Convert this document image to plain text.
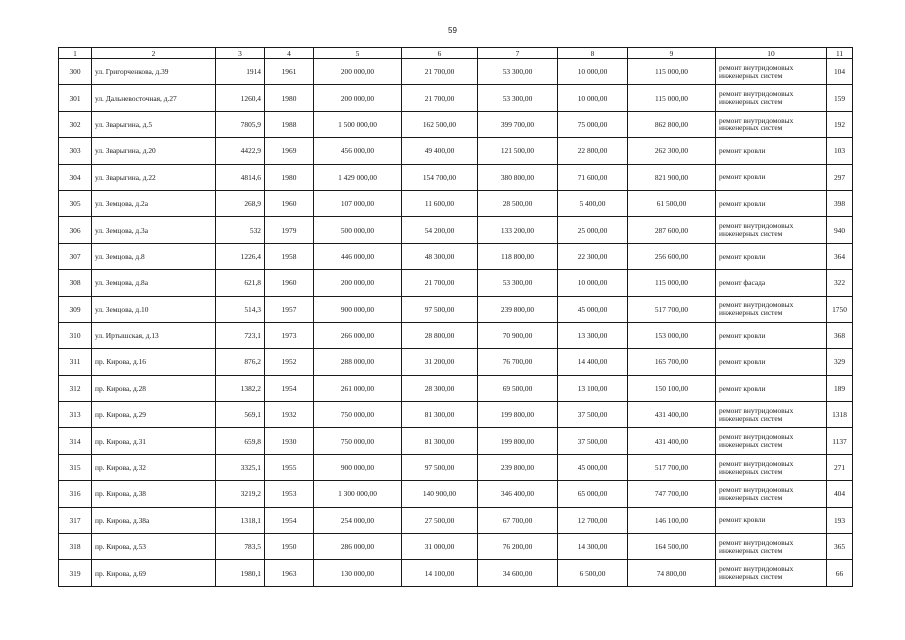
59
1	2	3	4	5	6	7	8	9	10	11
300	ул. Григорченкова, д.39	1914	1961	200 000,00	21 700,00	53 300,00	10 000,00	115 000,00	ремонт внутридомовых инженерных систем	104
301	ул. Дальневосточная, д.27	1260,4	1980	200 000,00	21 700,00	53 300,00	10 000,00	115 000,00	ремонт внутридомовых инженерных систем	159
302	ул. Зварыгина, д.5	7805,9	1988	1 500 000,00	162 500,00	399 700,00	75 000,00	862 800,00	ремонт внутридомовых инженерных систем	192
303	ул. Зварыгина, д.20	4422,9	1969	456 000,00	49 400,00	121 500,00	22 800,00	262 300,00	ремонт кровли	103
304	ул. Зварыгина, д.22	4814,6	1980	1 429 000,00	154 700,00	380 800,00	71 600,00	821 900,00	ремонт кровли	297
305	ул. Земцова, д.2а	268,9	1960	107 000,00	11 600,00	28 500,00	5 400,00	61 500,00	ремонт кровли	398
306	ул. Земцова, д.3а	532	1979	500 000,00	54 200,00	133 200,00	25 000,00	287 600,00	ремонт внутридомовых инженерных систем	940
307	ул. Земцова, д.8	1226,4	1958	446 000,00	48 300,00	118 800,00	22 300,00	256 600,00	ремонт кровли	364
308	ул. Земцова, д.8а	621,8	1960	200 000,00	21 700,00	53 300,00	10 000,00	115 000,00	ремонт фасада	322
309	ул. Земцова, д.10	514,3	1957	900 000,00	97 500,00	239 800,00	45 000,00	517 700,00	ремонт внутридомовых инженерных систем	1750
310	ул. Иртышская, д.13	723,1	1973	266 000,00	28 800,00	70 900,00	13 300,00	153 000,00	ремонт кровли	368
311	пр. Кирова, д.16	876,2	1952	288 000,00	31 200,00	76 700,00	14 400,00	165 700,00	ремонт кровли	329
312	пр. Кирова, д.28	1382,2	1954	261 000,00	28 300,00	69 500,00	13 100,00	150 100,00	ремонт кровли	189
313	пр. Кирова, д.29	569,1	1932	750 000,00	81 300,00	199 800,00	37 500,00	431 400,00	ремонт внутридомовых инженерных систем	1318
314	пр. Кирова, д.31	659,8	1930	750 000,00	81 300,00	199 800,00	37 500,00	431 400,00	ремонт внутридомовых инженерных систем	1137
315	пр. Кирова, д.32	3325,1	1955	900 000,00	97 500,00	239 800,00	45 000,00	517 700,00	ремонт внутридомовых инженерных систем	271
316	пр. Кирова, д.38	3219,2	1953	1 300 000,00	140 900,00	346 400,00	65 000,00	747 700,00	ремонт внутридомовых инженерных систем	404
317	пр. Кирова, д.38а	1318,1	1954	254 000,00	27 500,00	67 700,00	12 700,00	146 100,00	ремонт кровли	193
318	пр. Кирова, д.53	783,5	1950	286 000,00	31 000,00	76 200,00	14 300,00	164 500,00	ремонт внутридомовых инженерных систем	365
319	пр. Кирова, д.69	1980,1	1963	130 000,00	14 100,00	34 600,00	6 500,00	74 800,00	ремонт внутридомовых инженерных систем	66
